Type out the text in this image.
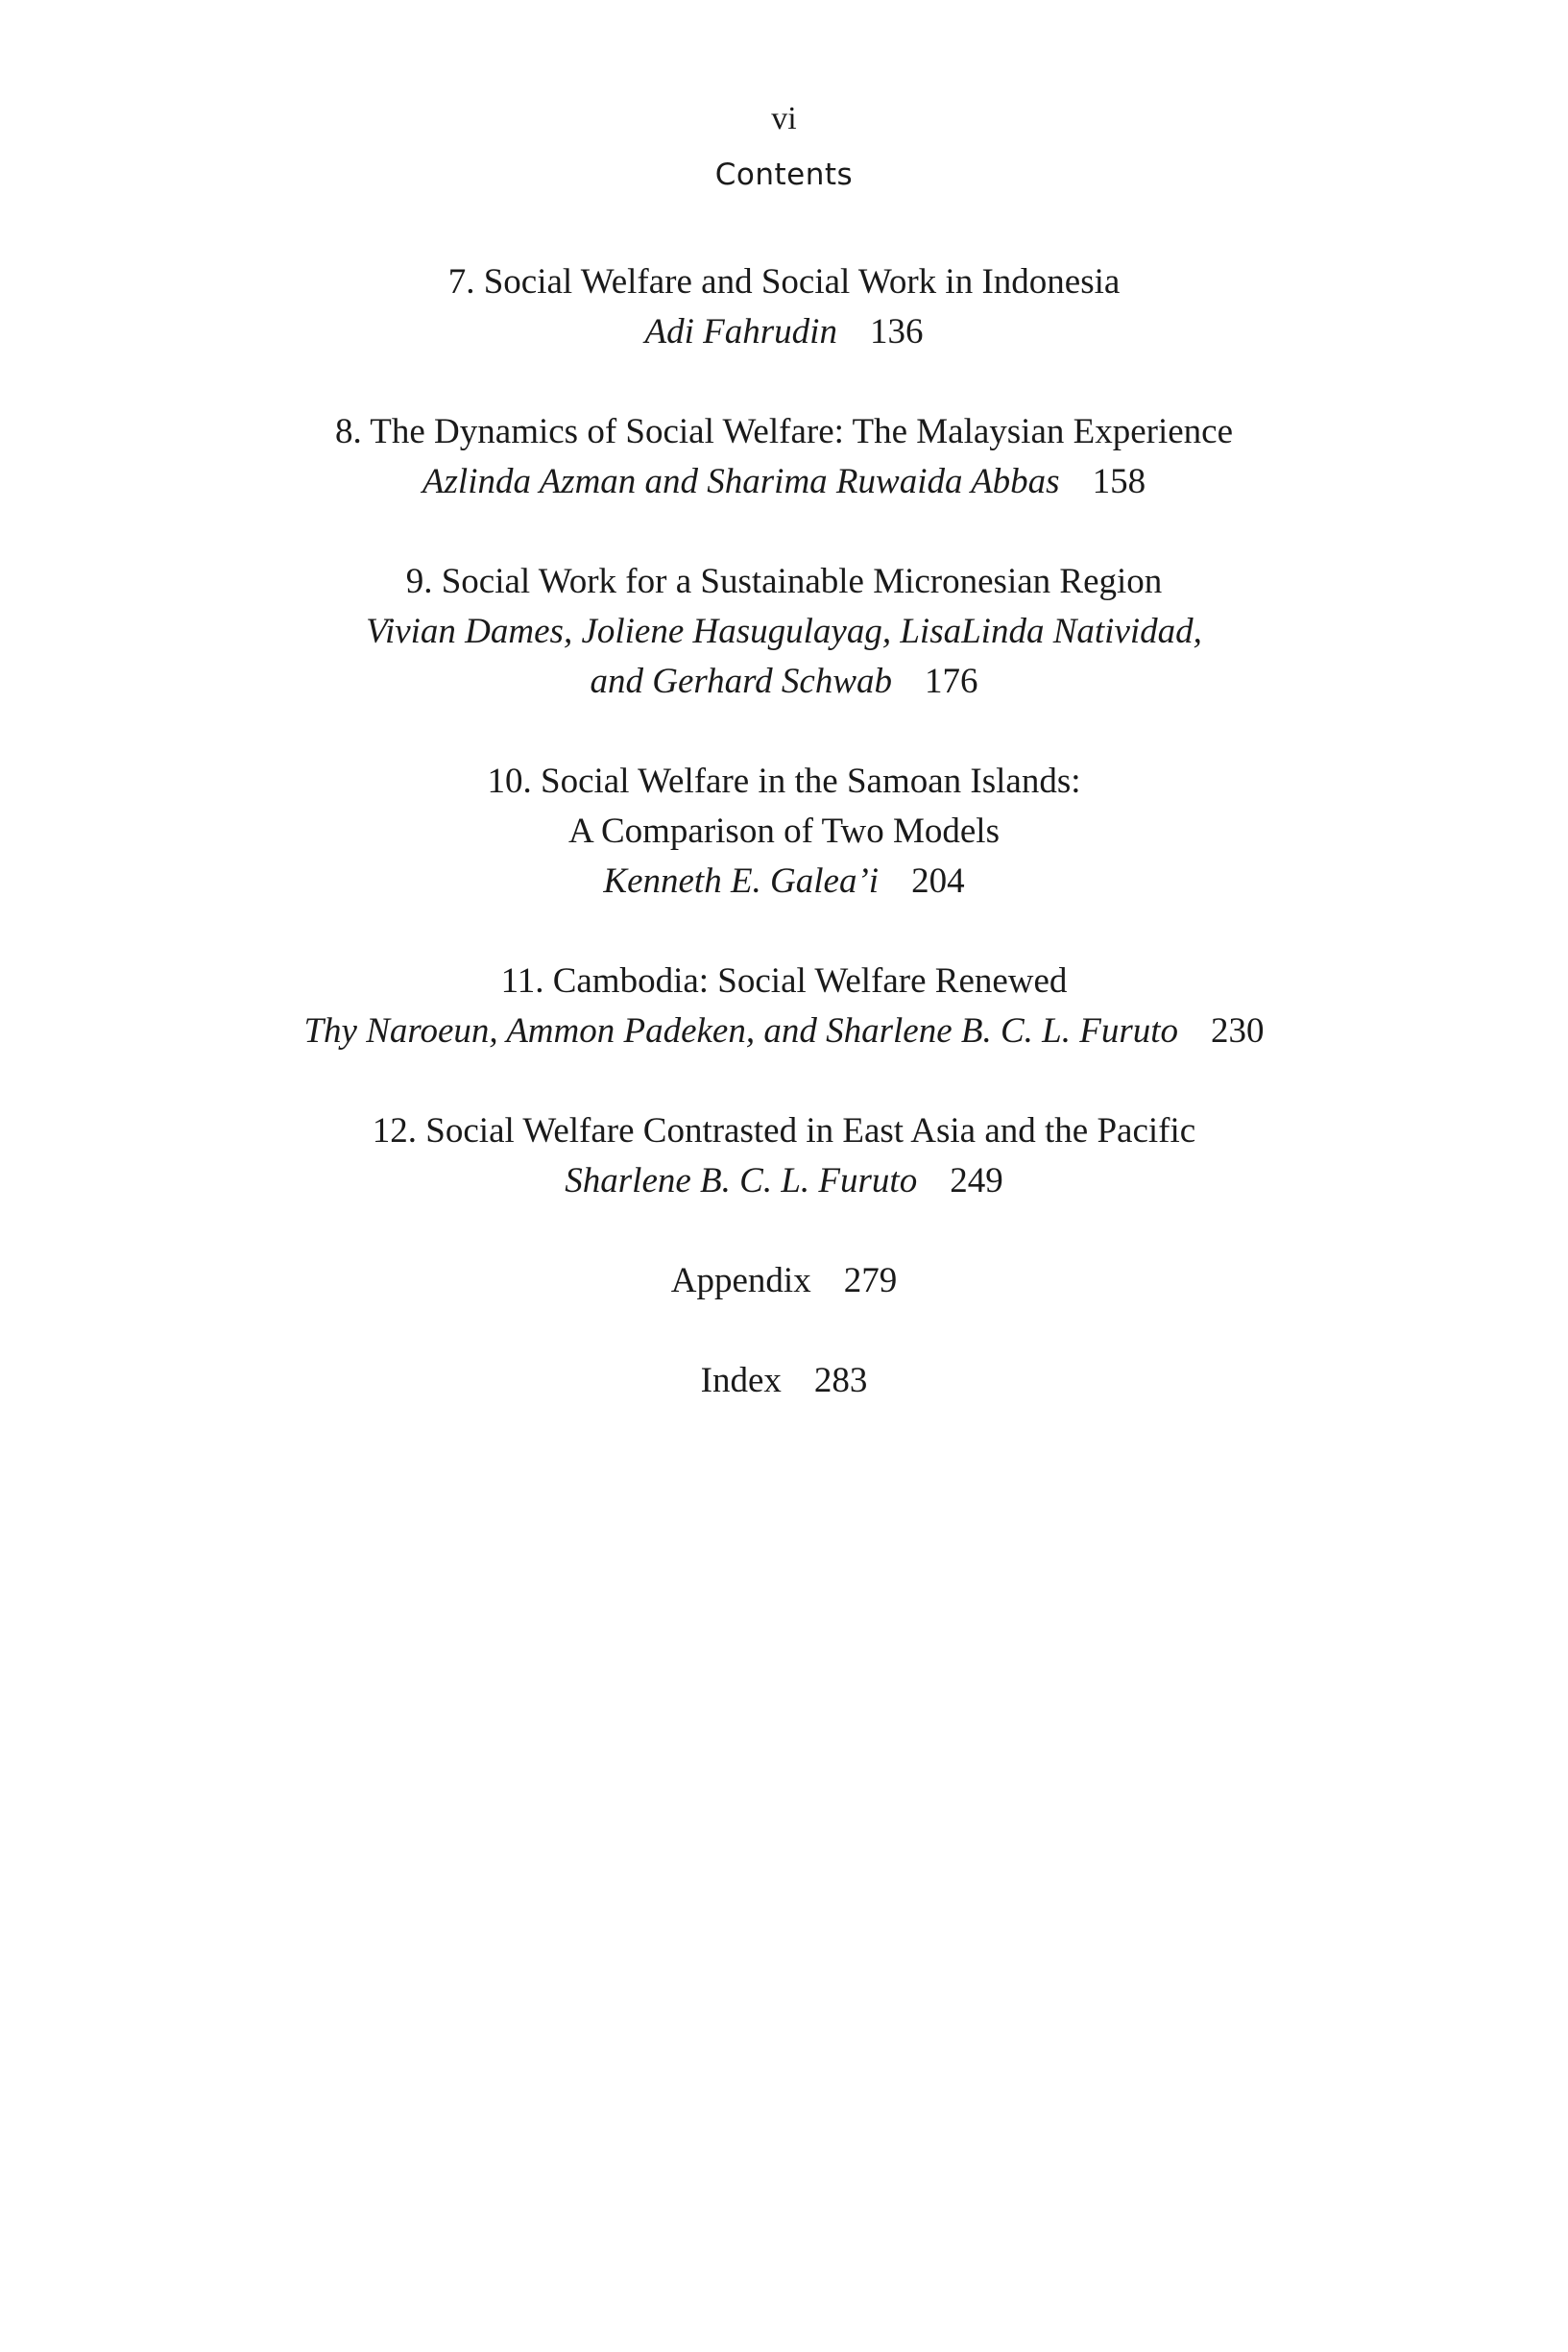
vi
Contents
7. Social Welfare and Social Work in Indonesia
Adi Fahrudin 136
8. The Dynamics of Social Welfare: The Malaysian Experience
Azlinda Azman and Sharima Ruwaida Abbas 158
9. Social Work for a Sustainable Micronesian Region
Vivian Dames, Joliene Hasugulayag, LisaLinda Natividad,
and Gerhard Schwab 176
10. Social Welfare in the Samoan Islands:
A Comparison of Two Models
Kenneth E. Galea’i 204
11. Cambodia: Social Welfare Renewed
Thy Naroeun, Ammon Padeken, and Sharlene B. C. L. Furuto 230
12. Social Welfare Contrasted in East Asia and the Pacific
Sharlene B. C. L. Furuto 249
Appendix 279
Index 283
